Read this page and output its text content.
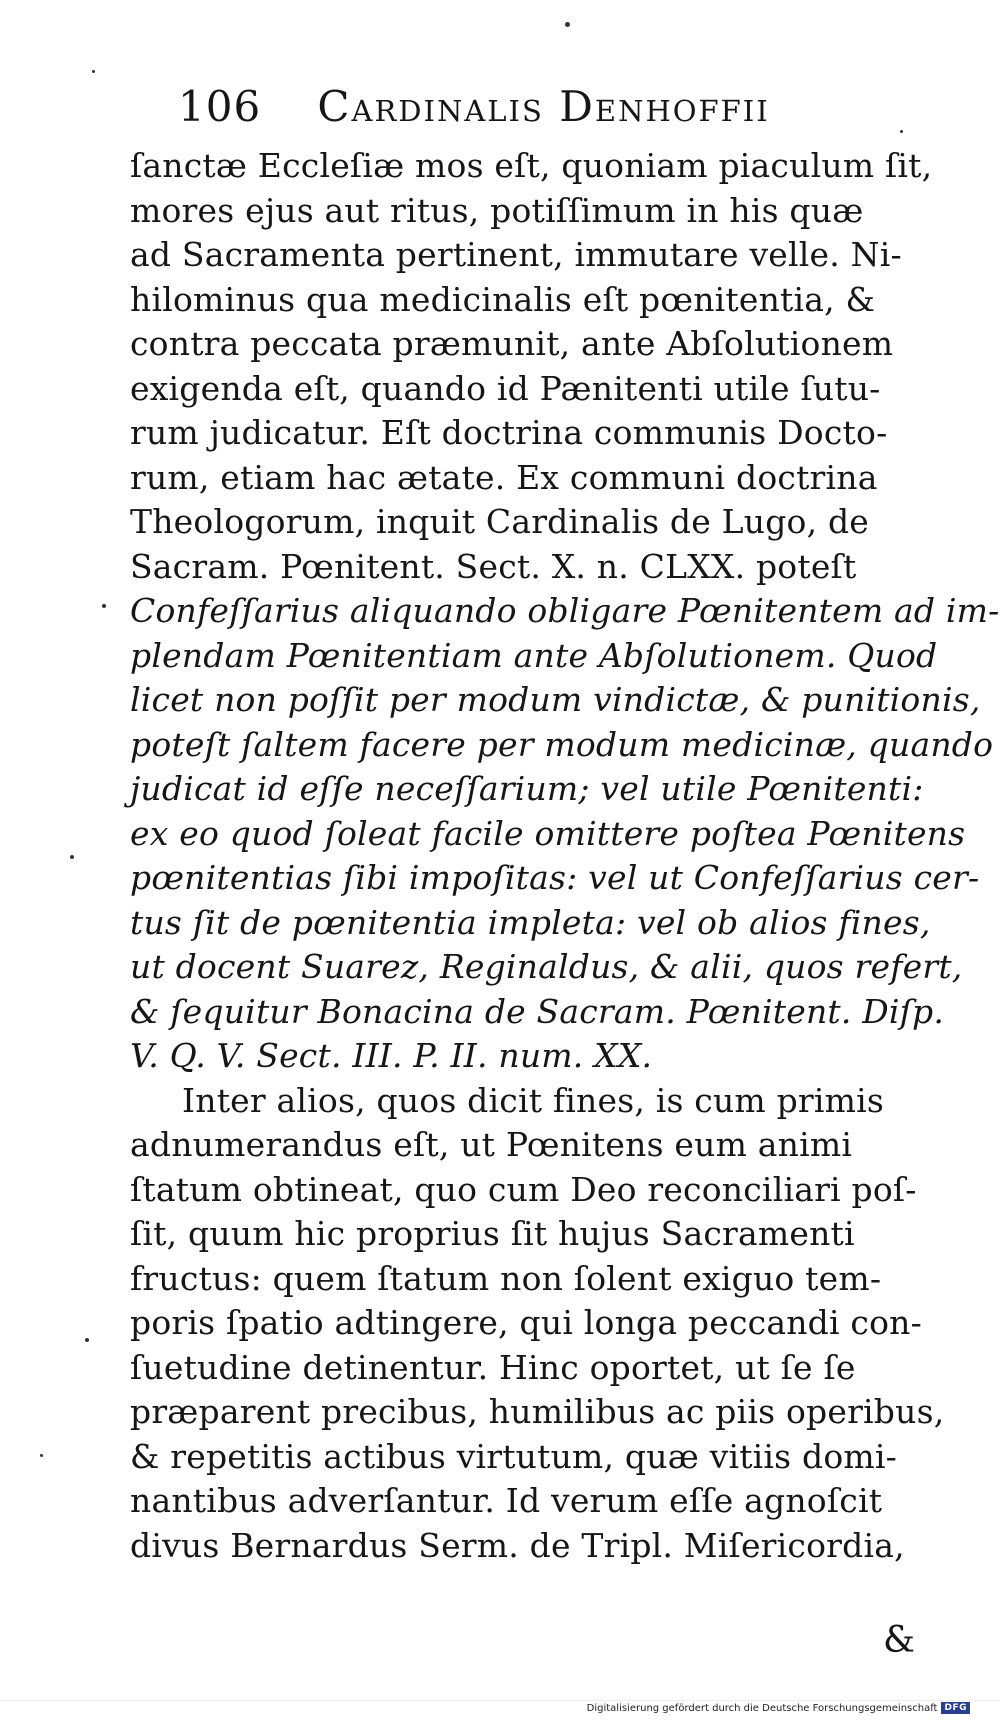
106 Cardinalis Denhoffii
ſanctæ Eccleſiæ mos eſt, quoniam piaculum ſit,
mores ejus aut ritus, potiſſimum in his quæ
ad Sacramenta pertinent, immutare velle. Ni-
hilominus qua medicinalis eſt pœnitentia, &
contra peccata præmunit, ante Abſolutionem
exigenda eſt, quando id Pænitenti utile ſutu-
rum judicatur. Eſt doctrina communis Docto-
rum, etiam hac ætate. Ex communi doctrina
Theologorum, inquit Cardinalis de Lugo, de
Sacram. Pœnitent. Sect. X. n. CLXX. poteſt
Confeſſarius aliquando obligare Pœnitentem ad im-
plendam Pœnitentiam ante Abſolutionem. Quod
licet non poſſit per modum vindictæ, & punitionis,
poteſt ſaltem facere per modum medicinæ, quando
judicat id eſſe neceſſarium; vel utile Pœnitenti:
ex eo quod ſoleat facile omittere poſtea Pœnitens
pœnitentias ſibi impoſitas: vel ut Confeſſarius cer-
tus ſit de pœnitentia impleta: vel ob alios fines,
ut docent Suarez, Reginaldus, & alii, quos refert,
& ſequitur Bonacina de Sacram. Pœnitent. Diſp.
V. Q. V. Sect. III. P. II. num. XX.
Inter alios, quos dicit fines, is cum primis
adnumerandus eſt, ut Pœnitens eum animi
ſtatum obtineat, quo cum Deo reconciliari poſ-
ſit, quum hic proprius ſit hujus Sacramenti
fructus: quem ſtatum non ſolent exiguo tem-
poris ſpatio adtingere, qui longa peccandi con-
ſuetudine detinentur. Hinc oportet, ut ſe ſe
præparent precibus, humilibus ac piis operibus,
& repetitis actibus virtutum, quæ vitiis domi-
nantibus adverſantur. Id verum eſſe agnoſcit
divus Bernardus Serm. de Tripl. Miſericordia,
&
Digitalisierung gefördert durch die Deutsche Forschungsgemeinschaft DFG
